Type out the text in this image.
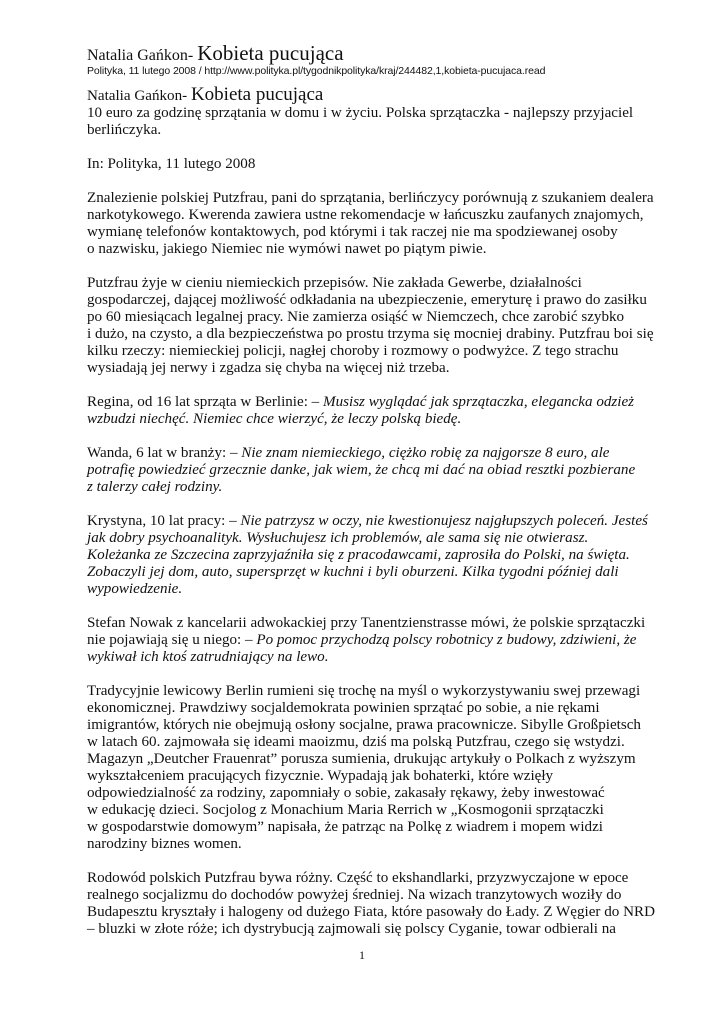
Natalia Gańkon- Kobieta pucująca
Polityka, 11 lutego 2008 / http://www.polityka.pl/tygodnikpolityka/kraj/244482,1,kobieta-pucujaca.read

Natalia Gańkon- Kobieta pucująca
10 euro za godzinę sprzątania w domu i w życiu. Polska sprzątaczka - najlepszy przyjaciel
berlińczyka.

In: Polityka, 11 lutego 2008

Znalezienie polskiej Putzfrau, pani do sprzątania, berlińczycy porównują z szukaniem dealera
narkotykowego. Kwerenda zawiera ustne rekomendacje w łańcuszku zaufanych znajomych,
wymianę telefonów kontaktowych, pod którymi i tak raczej nie ma spodziewanej osoby
o nazwisku, jakiego Niemiec nie wymówi nawet po piątym piwie.

Putzfrau żyje w cieniu niemieckich przepisów. Nie zakłada Gewerbe, działalności
gospodarczej, dającej możliwość odkładania na ubezpieczenie, emeryturę i prawo do zasiłku
po 60 miesiącach legalnej pracy. Nie zamierza osiąść w Niemczech, chce zarobić szybko
i dużo, na czysto, a dla bezpieczeństwa po prostu trzyma się mocniej drabiny. Putzfrau boi się
kilku rzeczy: niemieckiej policji, nagłej choroby i rozmowy o podwyżce. Z tego strachu
wysiadają jej nerwy i zgadza się chyba na więcej niż trzeba.

Regina, od 16 lat sprząta w Berlinie: – Musisz wyglądać jak sprzątaczka, elegancka odzież
wzbudzi niechęć. Niemiec chce wierzyć, że leczy polską biedę.

Wanda, 6 lat w branży: – Nie znam niemieckiego, ciężko robię za najgorsze 8 euro, ale
potrafię powiedzieć grzecznie danke, jak wiem, że chcą mi dać na obiad resztki pozbierane
z talerzy całej rodziny.

Krystyna, 10 lat pracy: – Nie patrzysz w oczy, nie kwestionujesz najgłupszych poleceń. Jesteś
jak dobry psychoanalityk. Wysłuchujesz ich problemów, ale sama się nie otwierasz.
Koleżanka ze Szczecina zaprzyjaźniła się z pracodawcami, zaprosiła do Polski, na święta.
Zobaczyli jej dom, auto, supersprzęt w kuchni i byli oburzeni. Kilka tygodni później dali
wypowiedzenie.

Stefan Nowak z kancelarii adwokackiej przy Tanentzienstrasse mówi, że polskie sprzątaczki
nie pojawiają się u niego: – Po pomoc przychodzą polscy robotnicy z budowy, zdziwieni, że
wykiwał ich ktoś zatrudniający na lewo.

Tradycyjnie lewicowy Berlin rumieni się trochę na myśl o wykorzystywaniu swej przewagi
ekonomicznej. Prawdziwy socjaldemokrata powinien sprzątać po sobie, a nie rękami
imigrantów, których nie obejmują osłony socjalne, prawa pracownicze. Sibylle Großpietsch
w latach 60. zajmowała się ideami maoizmu, dziś ma polską Putzfrau, czego się wstydzi.
Magazyn „Deutcher Frauenrat” porusza sumienia, drukując artykuły o Polkach z wyższym
wykształceniem pracujących fizycznie. Wypadają jak bohaterki, które wzięły
odpowiedzialność za rodziny, zapomniały o sobie, zakasały rękawy, żeby inwestować
w edukację dzieci. Socjolog z Monachium Maria Rerrich w „Kosmogonii sprzątaczki
w gospodarstwie domowym” napisała, że patrząc na Polkę z wiadrem i mopem widzi
narodziny biznes women.

Rodowód polskich Putzfrau bywa różny. Część to ekshandlarki, przyzwyczajone w epoce
realnego socjalizmu do dochodów powyżej średniej. Na wizach tranzytowych woziły do
Budapesztu kryształy i halogeny od dużego Fiata, które pasowały do Łady. Z Węgier do NRD
– bluzki w złote róże; ich dystrybucją zajmowali się polscy Cyganie, towar odbierali na

1
